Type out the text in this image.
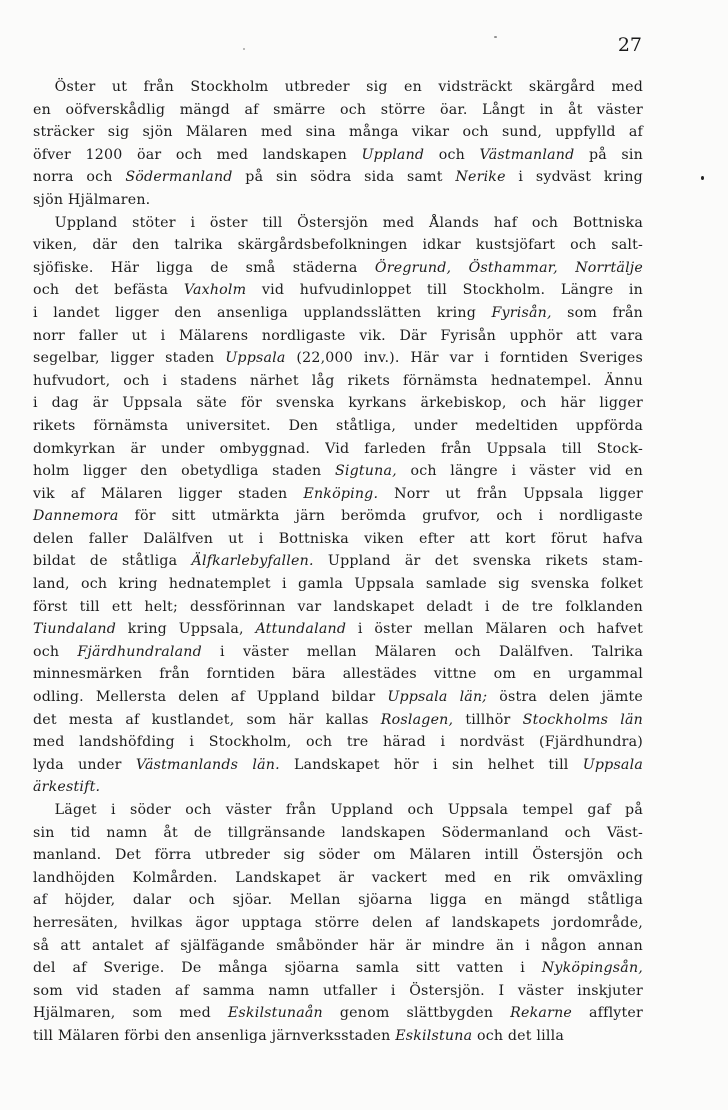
27
  Öster ut från Stockholm utbreder sig en vidsträckt skärgård med
en oöfverskådlig mängd af smärre och större öar. Långt in åt väster
sträcker sig sjön Mälaren med sina många vikar och sund, uppfylld af
öfver 1200 öar och med landskapen Uppland och Västmanland på sin
norra och Södermanland på sin södra sida samt Nerike i sydväst kring
sjön Hjälmaren.
  Uppland stöter i öster till Östersjön med Ålands haf och Bottniska
viken, där den talrika skärgårdsbefolkningen idkar kustsjöfart och salt-
sjöfiske. Här ligga de små städerna Öregrund, Östhammar, Norrtälje
och det befästa Vaxholm vid hufvudinloppet till Stockholm. Längre in
i landet ligger den ansenliga upplandsslätten kring Fyrisån, som från
norr faller ut i Mälarens nordligaste vik. Där Fyrisån upphör att vara
segelbar, ligger staden Uppsala (22,000 inv.). Här var i forntiden Sveriges
hufvudort, och i stadens närhet låg rikets förnämsta hednatempel. Ännu
i dag är Uppsala säte för svenska kyrkans ärkebiskop, och här ligger
rikets förnämsta universitet. Den ståtliga, under medeltiden uppförda
domkyrkan är under ombyggnad. Vid farleden från Uppsala till Stock-
holm ligger den obetydliga staden Sigtuna, och längre i väster vid en
vik af Mälaren ligger staden Enköping. Norr ut från Uppsala ligger
Dannemora för sitt utmärkta järn berömda grufvor, och i nordligaste
delen faller Dalälfven ut i Bottniska viken efter att kort förut hafva
bildat de ståtliga Älfkarlebyfallen. Uppland är det svenska rikets stam-
land, och kring hednatemplet i gamla Uppsala samlade sig svenska folket
först till ett helt; dessförinnan var landskapet deladt i de tre folklanden
Tiundaland kring Uppsala, Attundaland i öster mellan Mälaren och hafvet
och Fjärdhundraland i väster mellan Mälaren och Dalälfven. Talrika
minnesmärken från forntiden bära allestädes vittne om en urgammal
odling. Mellersta delen af Uppland bildar Uppsala län; östra delen jämte
det mesta af kustlandet, som här kallas Roslagen, tillhör Stockholms län
med landshöfding i Stockholm, och tre härad i nordväst (Fjärdhundra)
lyda under Västmanlands län. Landskapet hör i sin helhet till Uppsala
ärkestift.
  Läget i söder och väster från Uppland och Uppsala tempel gaf på
sin tid namn åt de tillgränsande landskapen Södermanland och Väst-
manland. Det förra utbreder sig söder om Mälaren intill Östersjön och
landhöjden Kolmården. Landskapet är vackert med en rik omväxling
af höjder, dalar och sjöar. Mellan sjöarna ligga en mängd ståtliga
herresäten, hvilkas ägor upptaga större delen af landskapets jordområde,
så att antalet af själfägande småbönder här är mindre än i någon annan
del af Sverige. De många sjöarna samla sitt vatten i Nyköpingsån,
som vid staden af samma namn utfaller i Östersjön. I väster inskjuter
Hjälmaren, som med Eskilstunaån genom slättbygden Rekarne afflyter
till Mälaren förbi den ansenliga järnverksstaden Eskilstuna och det lilla
